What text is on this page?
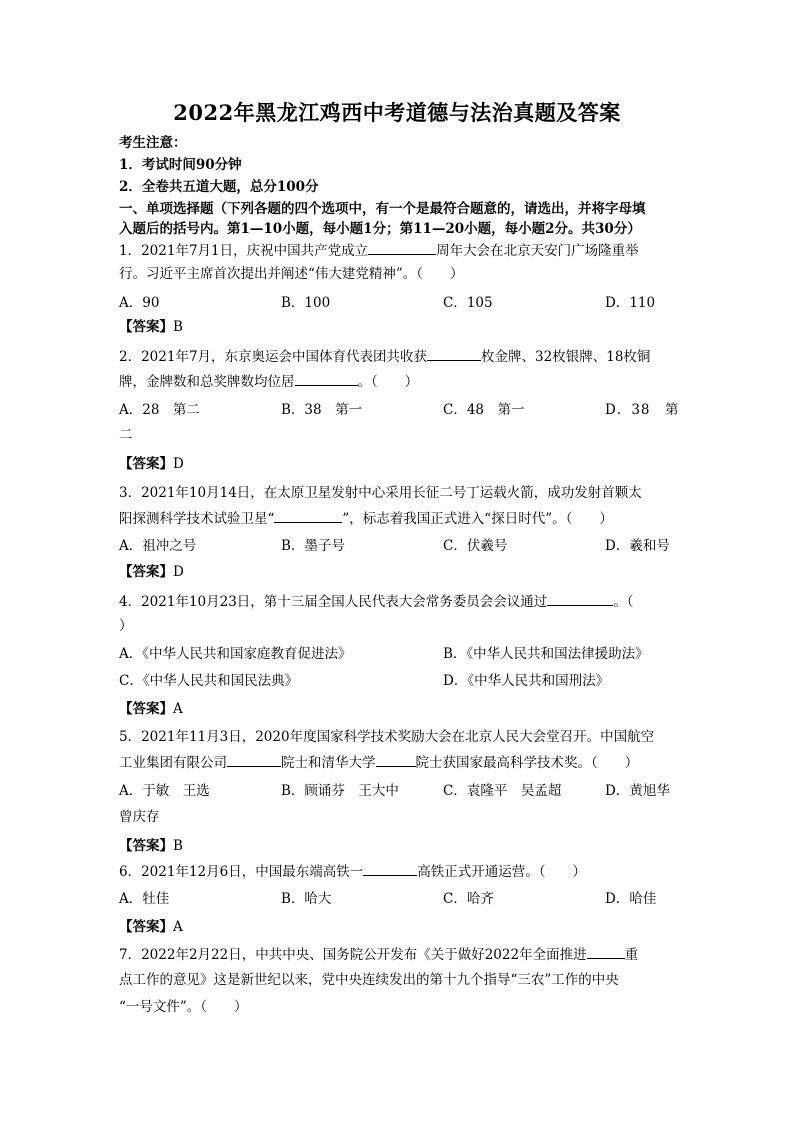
2022年黑龙江鸡西中考道德与法治真题及答案
考生注意：
1．考试时间90分钟
2．全卷共五道大题，总分100分
一、单项选择题（下列各题的四个选项中，有一个是最符合题意的，请选出，并将字母填
入题后的括号内。第1—10小题，每小题1分；第11—20小题，每小题2分。共30分）
1．2021年7月1日，庆祝中国共产党成立	周年大会在北京天安门广场隆重举
行。习近平主席首次提出并阐述“伟大建党精神”。（　　）
A．90	B．100	C．105	D．110
【答案】B
2．2021年7月，东京奥运会中国体育代表团共收获	枚金牌、32枚银牌、18枚铜
牌，金牌数和总奖牌数均位居	。（　　）
A．28　第二	B．38　第一	C．48　第一	D．38　第
二
【答案】D
3．2021年10月14日，在太原卫星发射中心采用长征二号丁运载火箭，成功发射首颗太
阳探测科学技术试验卫星“	”，标志着我国正式进入“探日时代”。（　　）
A．祖冲之号	B．墨子号	C．伏羲号	D．羲和号
【答案】D
4．2021年10月23日，第十三届全国人民代表大会常务委员会会议通过	。（
）
A．《中华人民共和国家庭教育促进法》	B．《中华人民共和国法律援助法》
C．《中华人民共和国民法典》	D．《中华人民共和国刑法》
【答案】A
5．2021年11月3日，2020年度国家科学技术奖励大会在北京人民大会堂召开。中国航空
工业集团有限公司	院士和清华大学	院士获国家最高科学技术奖。（　　）
A．于敏　王选	B．顾诵芬　王大中	C．袁隆平　吴孟超	D．黄旭华
曾庆存
【答案】B
6．2021年12月6日，中国最东端高铁一	高铁正式开通运营。（　　）
A．牡佳	B．哈大	C．哈齐	D．哈佳
【答案】A
7．2022年2月22日，中共中央、国务院公开发布《关于做好2022年全面推进	重
点工作的意见》这是新世纪以来，党中央连续发出的第十九个指导“三农”工作的中央
“一号文件”。（　　）
